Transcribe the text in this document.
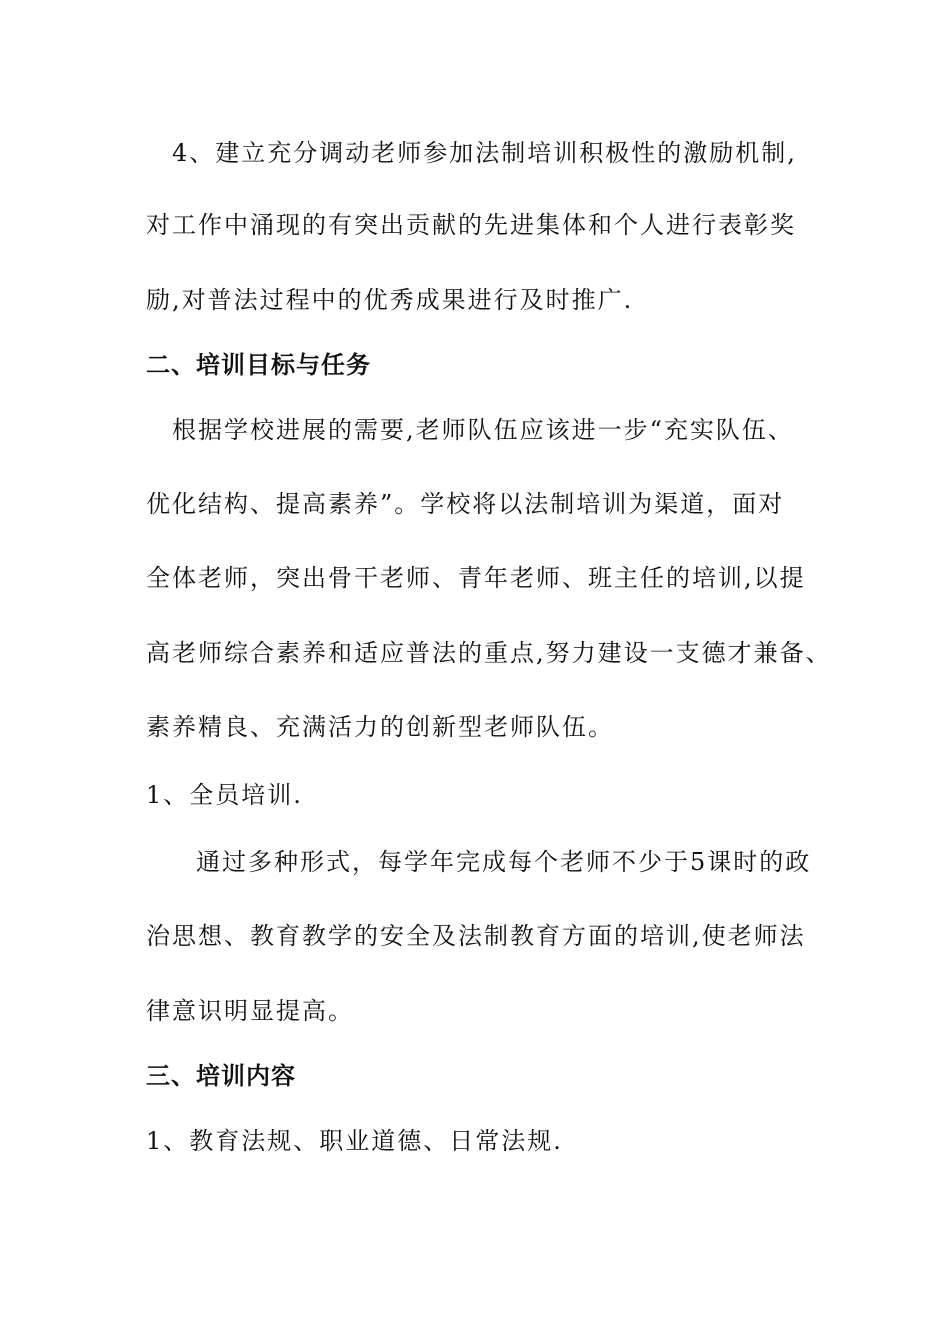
4、建立充分调动老师参加法制培训积极性的激励机制,
对工作中涌现的有突出贡献的先进集体和个人进行表彰奖
励,对普法过程中的优秀成果进行及时推广.
二、培训目标与任务
根据学校进展的需要,老师队伍应该进一步“充实队伍、
优化结构、提高素养”。学校将以法制培训为渠道，面对
全体老师，突出骨干老师、青年老师、班主任的培训,以提
高老师综合素养和适应普法的重点,努力建设一支德才兼备、
素养精良、充满活力的创新型老师队伍。
1、全员培训.
通过多种形式，每学年完成每个老师不少于5课时的政
治思想、教育教学的安全及法制教育方面的培训,使老师法
律意识明显提高。
三、培训内容
1、教育法规、职业道德、日常法规.
